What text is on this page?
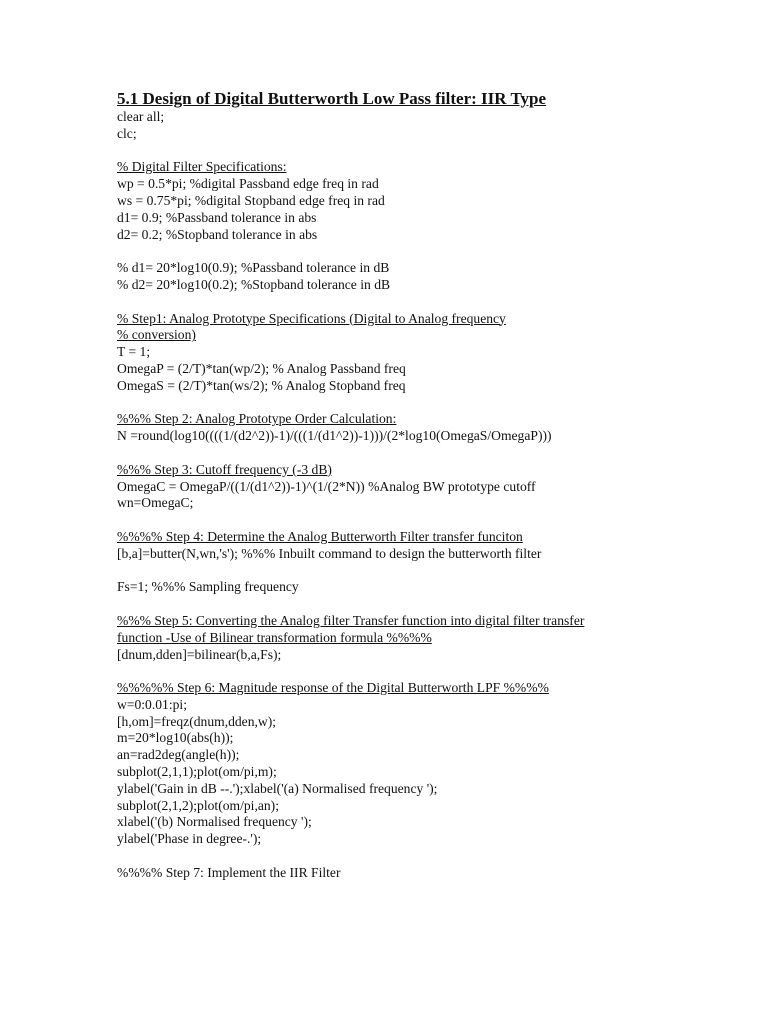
5.1 Design of Digital Butterworth Low Pass filter: IIR Type
clear all;
clc;
% Digital Filter Specifications:
wp = 0.5*pi; %digital Passband edge freq in rad
ws = 0.75*pi; %digital Stopband edge freq in rad
d1= 0.9; %Passband tolerance in abs
d2= 0.2; %Stopband tolerance in abs
% d1= 20*log10(0.9); %Passband tolerance in dB
% d2= 20*log10(0.2); %Stopband tolerance in dB
% Step1: Analog Prototype Specifications (Digital to Analog frequency
% conversion)
T = 1;
OmegaP = (2/T)*tan(wp/2); % Analog Passband freq
OmegaS = (2/T)*tan(ws/2); % Analog Stopband freq
%%% Step 2: Analog Prototype Order Calculation:
N =round(log10((((1/(d2^2))-1)/(((1/(d1^2))-1)))/(2*log10(OmegaS/OmegaP)))
%%% Step 3: Cutoff frequency (-3 dB)
OmegaC = OmegaP/((1/(d1^2))-1)^(1/(2*N)) %Analog BW prototype cutoff
wn=OmegaC;
%%%% Step 4: Determine the Analog Butterworth Filter transfer funciton
[b,a]=butter(N,wn,'s'); %%% Inbuilt command to design the butterworth filter
Fs=1; %%% Sampling frequency
%%% Step 5: Converting the Analog filter Transfer function into digital filter transfer
function -Use of Bilinear transformation formula %%%%
[dnum,dden]=bilinear(b,a,Fs);
%%%%% Step 6: Magnitude response of the Digital Butterworth LPF %%%%
w=0:0.01:pi;
[h,om]=freqz(dnum,dden,w);
m=20*log10(abs(h));
an=rad2deg(angle(h));
subplot(2,1,1);plot(om/pi,m);
ylabel('Gain in dB --.');xlabel('(a) Normalised frequency ');
subplot(2,1,2);plot(om/pi,an);
xlabel('(b) Normalised frequency ');
ylabel('Phase in degree-.');
%%%% Step 7: Implement the IIR Filter
